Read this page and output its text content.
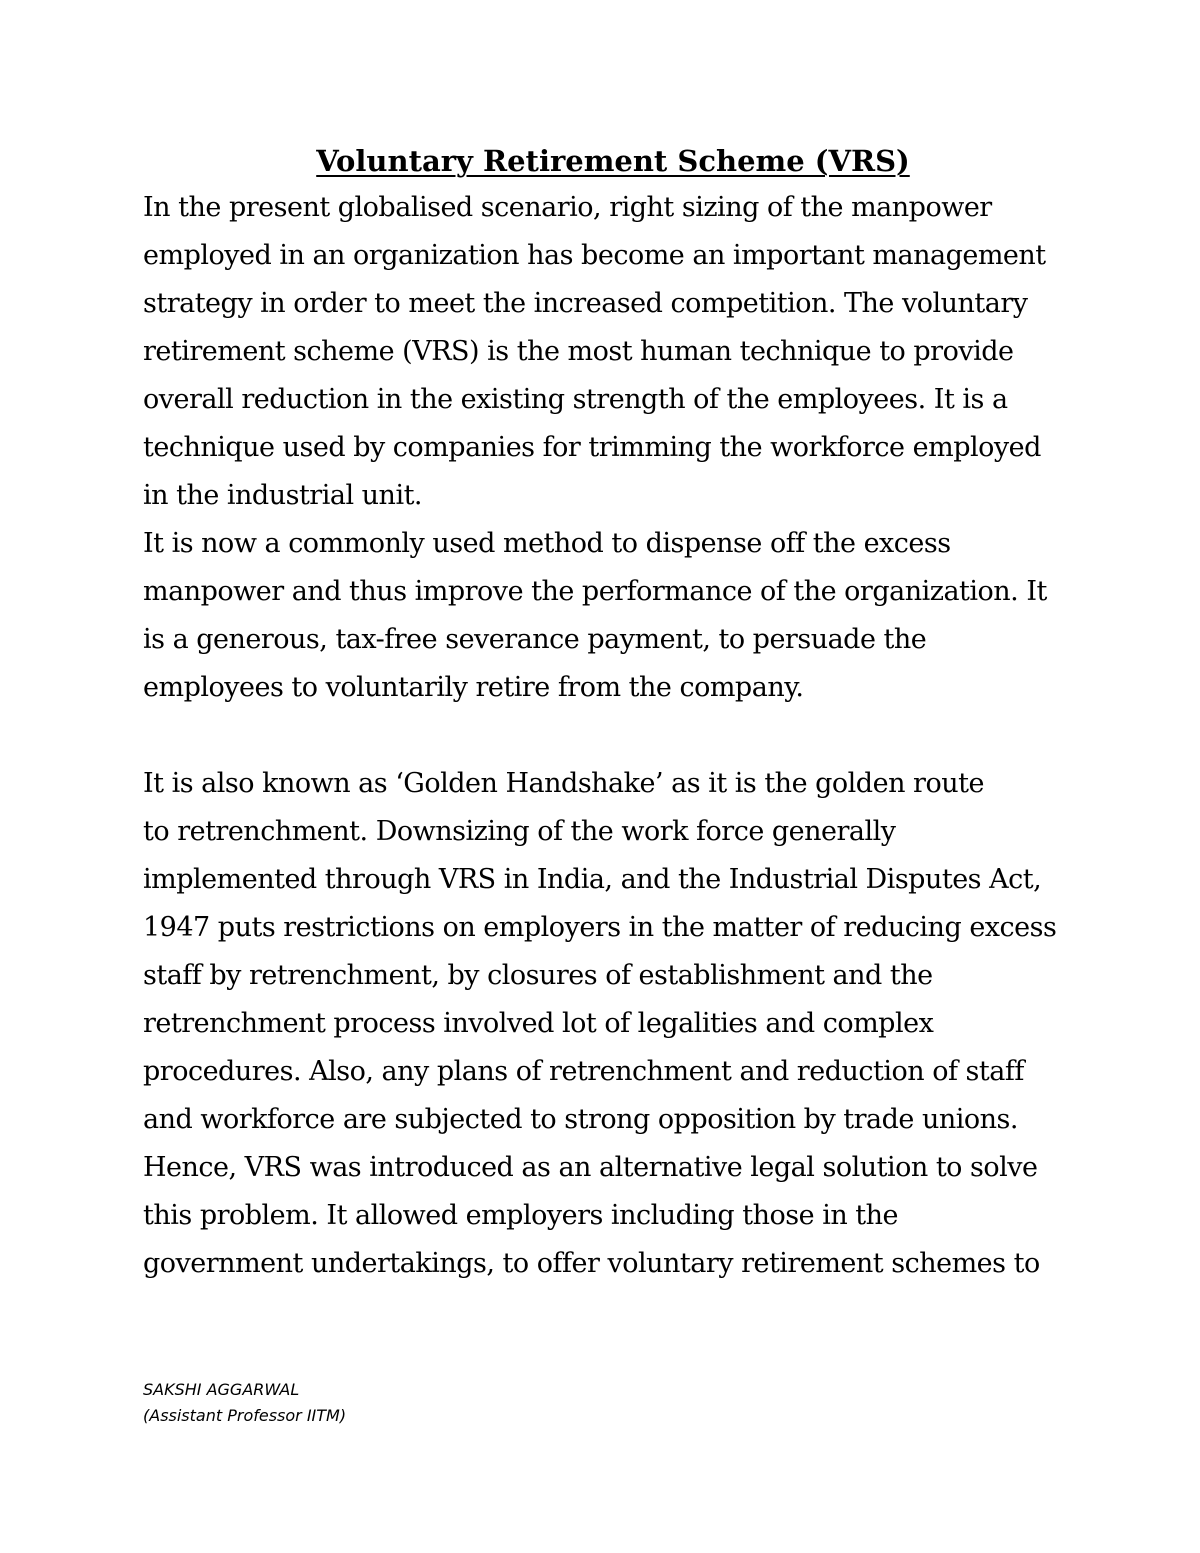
Voluntary Retirement Scheme (VRS)
In the present globalised scenario, right sizing of the manpower
employed in an organization has become an important management
strategy in order to meet the increased competition. The voluntary
retirement scheme (VRS) is the most human technique to provide
overall reduction in the existing strength of the employees. It is a
technique used by companies for trimming the workforce employed
in the industrial unit.
It is now a commonly used method to dispense off the excess
manpower and thus improve the performance of the organization. It
is a generous, tax-free severance payment, to persuade the
employees to voluntarily retire from the company.
It is also known as ‘Golden Handshake’ as it is the golden route
to retrenchment. Downsizing of the work force generally
implemented through VRS in India, and the Industrial Disputes Act,
1947 puts restrictions on employers in the matter of reducing excess
staff by retrenchment, by closures of establishment and the
retrenchment process involved lot of legalities and complex
procedures. Also, any plans of retrenchment and reduction of staff
and workforce are subjected to strong opposition by trade unions.
Hence, VRS was introduced as an alternative legal solution to solve
this problem. It allowed employers including those in the
government undertakings, to offer voluntary retirement schemes to
SAKSHI AGGARWAL
(Assistant Professor IITM)
